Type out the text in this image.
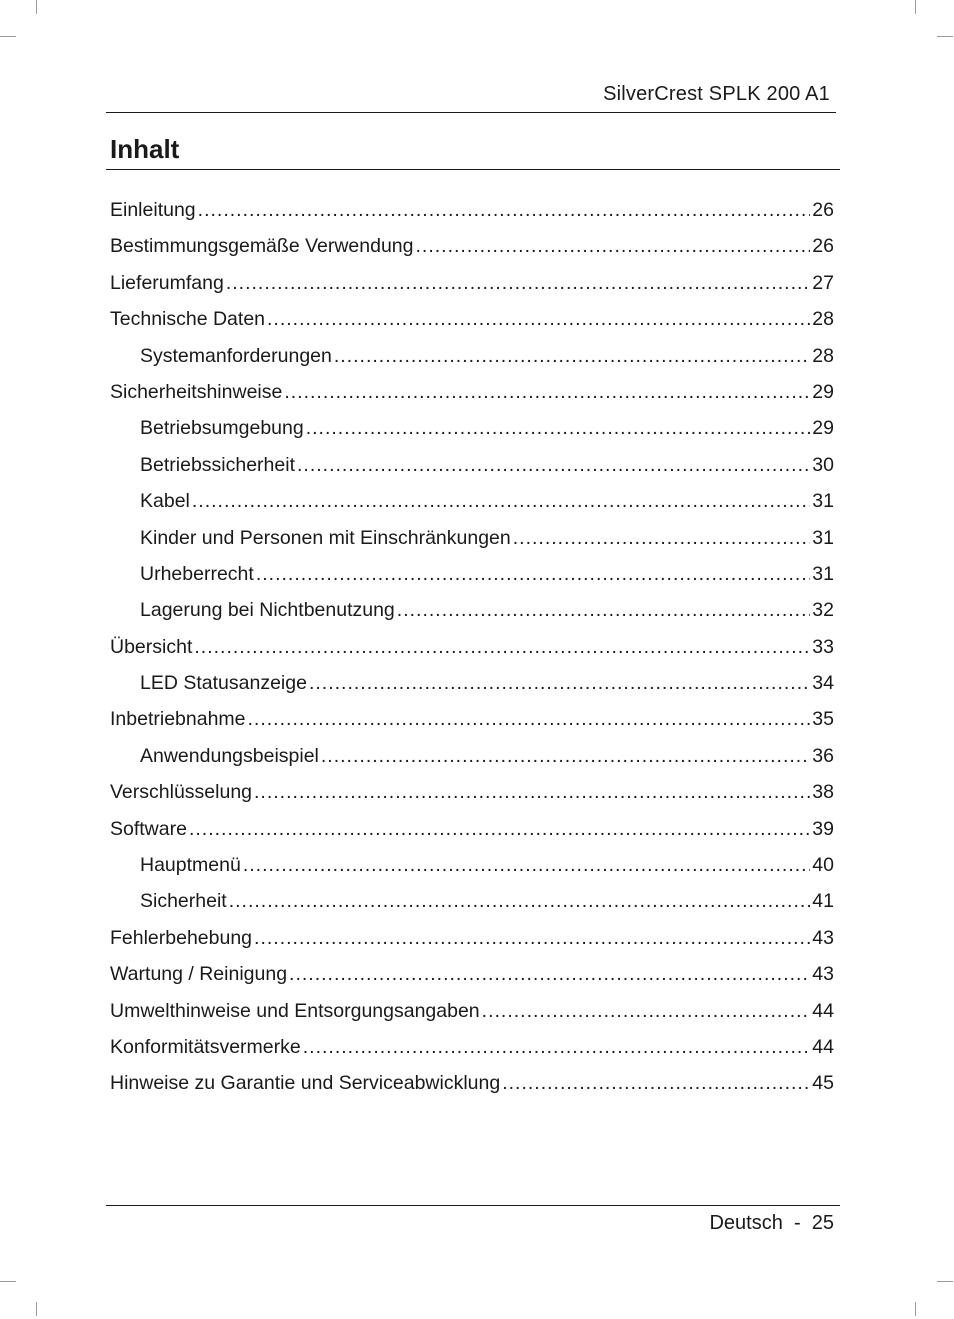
SilverCrest SPLK 200 A1
Inhalt
Einleitung .....	26
Bestimmungsgemäße Verwendung .....	26
Lieferumfang .....	27
Technische Daten .....	28
Systemanforderungen .....	28
Sicherheitshinweise .....	29
Betriebsumgebung .....	29
Betriebssicherheit .....	30
Kabel .....	31
Kinder und Personen mit Einschränkungen .....	31
Urheberrecht .....	31
Lagerung bei Nichtbenutzung .....	32
Übersicht .....	33
LED Statusanzeige .....	34
Inbetriebnahme .....	35
Anwendungsbeispiel .....	36
Verschlüsselung .....	38
Software .....	39
Hauptmenü .....	40
Sicherheit .....	41
Fehlerbehebung .....	43
Wartung / Reinigung .....	43
Umwelthinweise und Entsorgungsangaben .....	44
Konformitätsvermerke .....	44
Hinweise zu Garantie und Serviceabwicklung .....	45
Deutsch  -  25
